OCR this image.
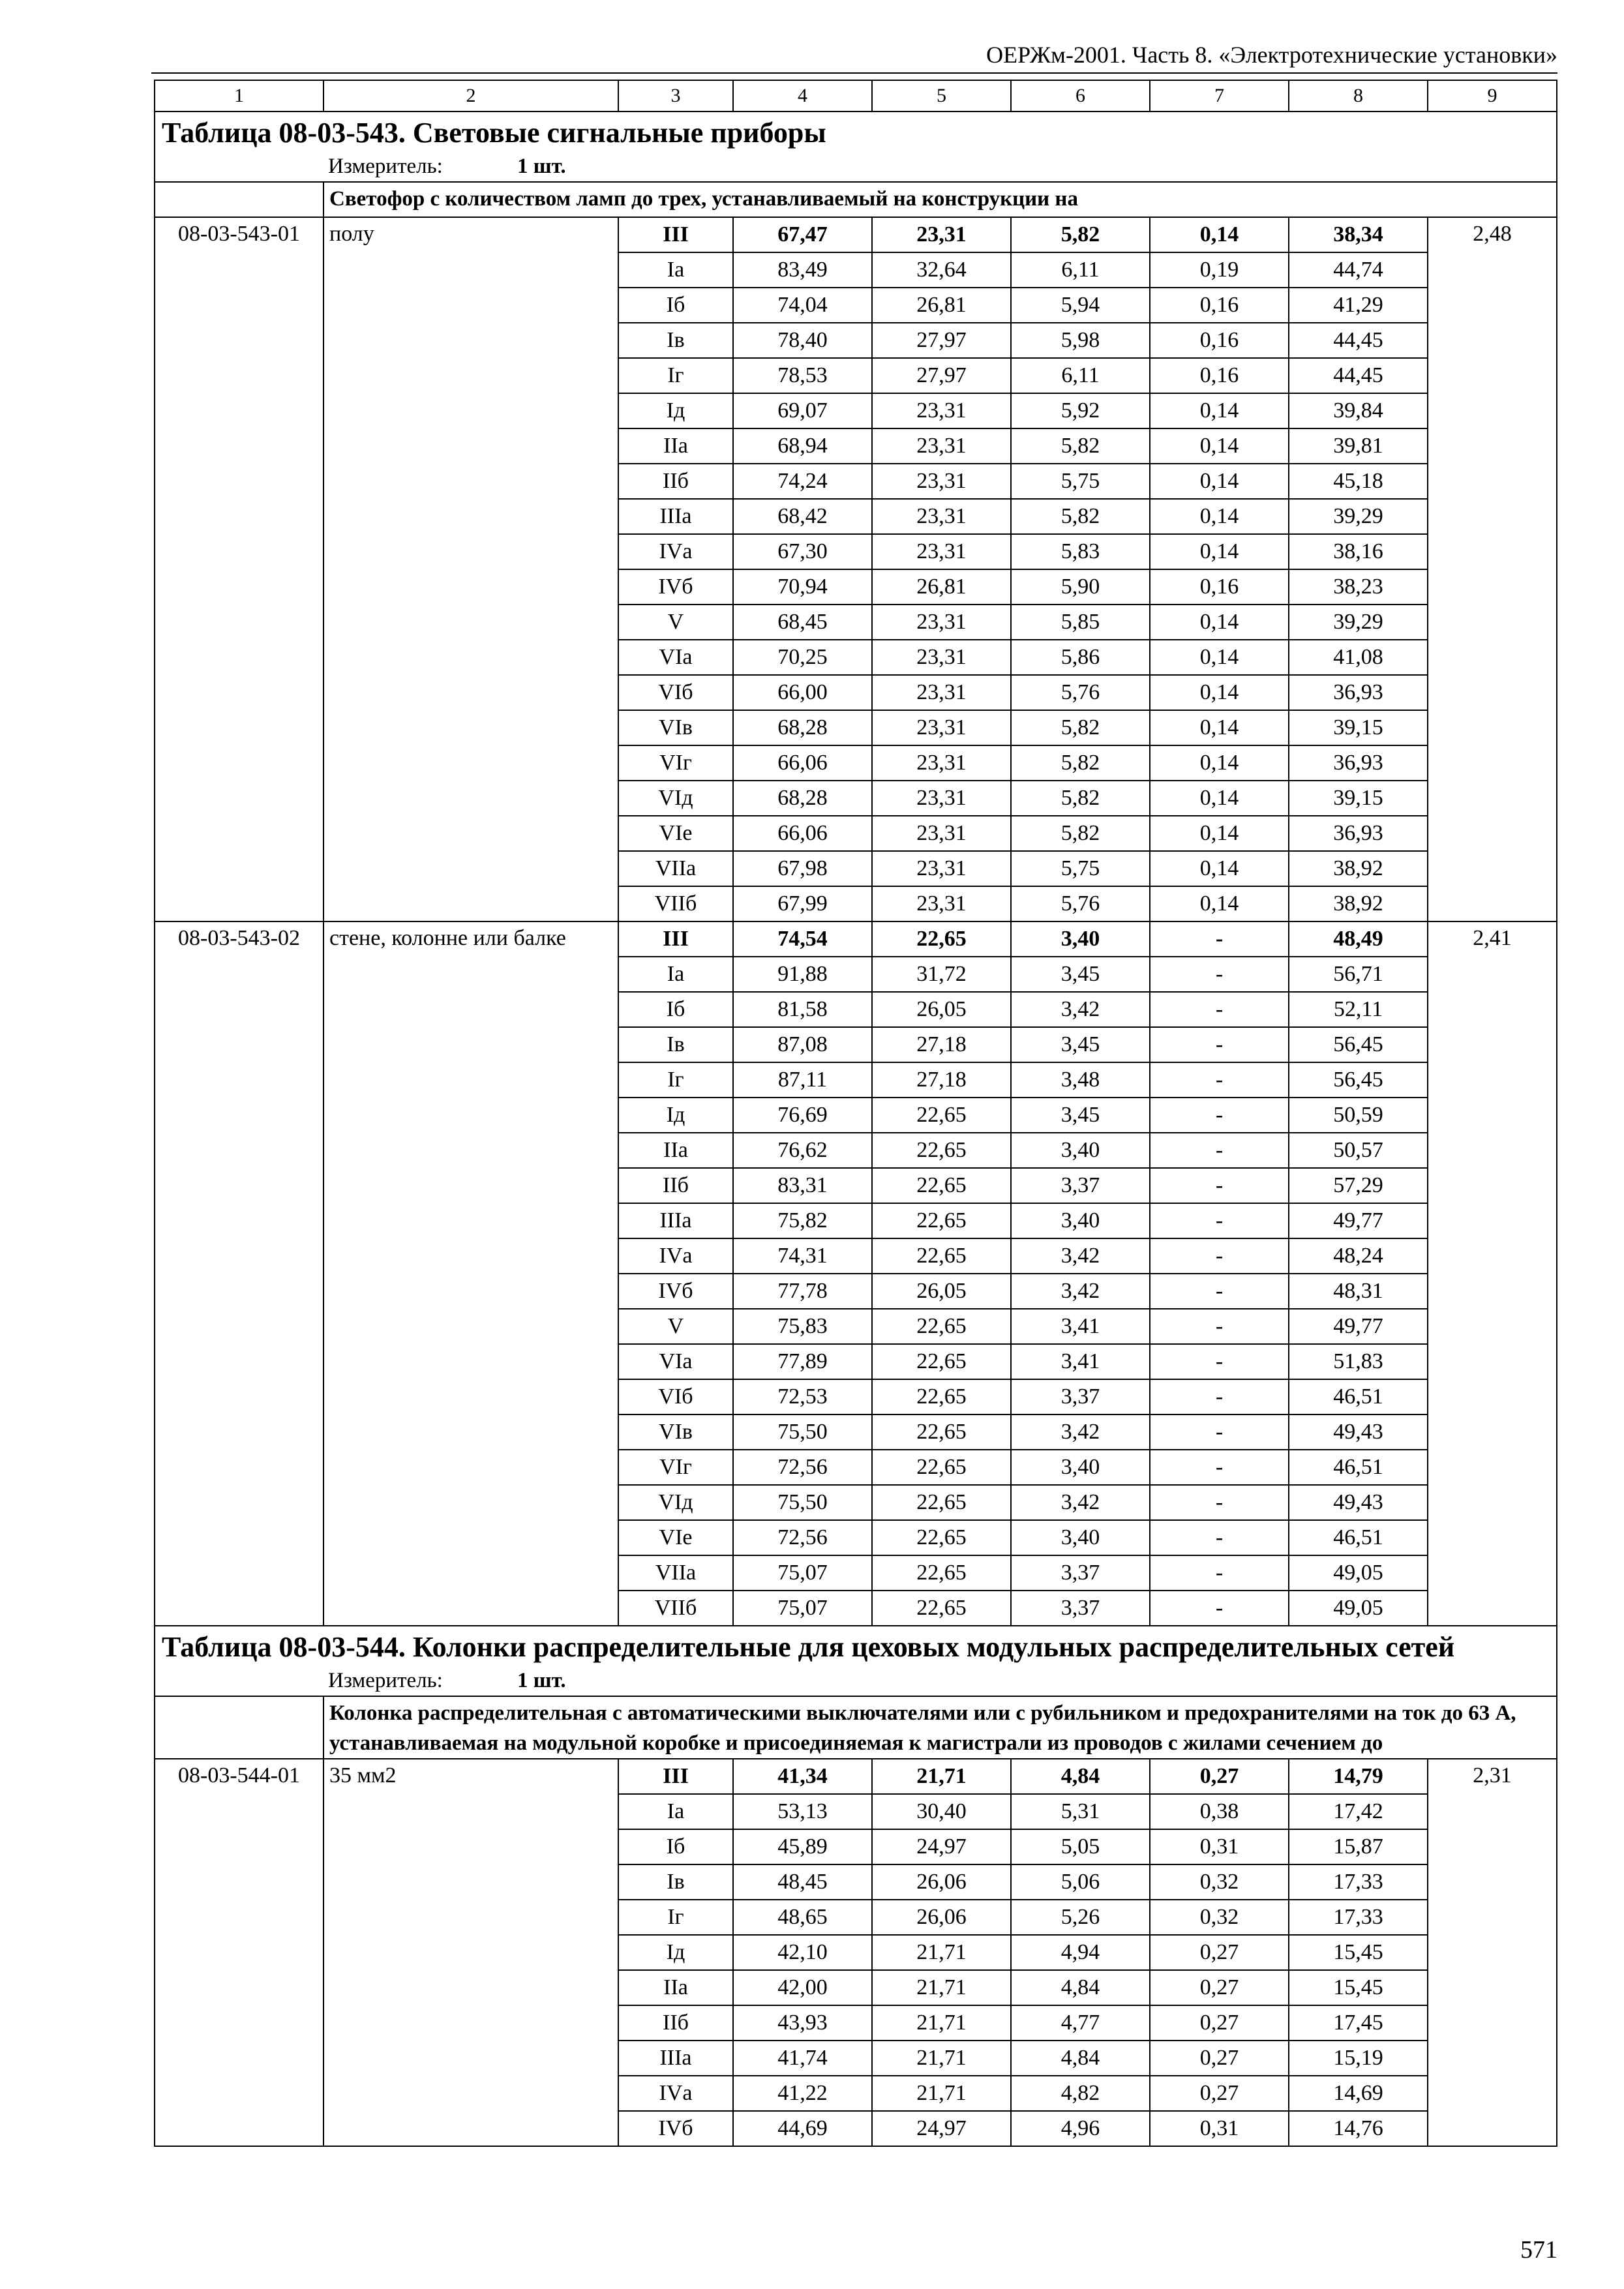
ОЕРЖм-2001. Часть 8. «Электротехнические установки»
1	2	3	4	5	6	7	8	9

Таблица 08-03-543. Световые сигнальные приборы
Измеритель: 1 шт.								

	Светофор с количеством ламп до трех, устанавливаемый на конструкции на							
08-03-543-01	полу	III	67,47	23,31	5,82	0,14	38,34	2,48
		Iа	83,49	32,64	6,11	0,19	44,74	
		Iб	74,04	26,81	5,94	0,16	41,29	
		Iв	78,40	27,97	5,98	0,16	44,45	
		Iг	78,53	27,97	6,11	0,16	44,45	
		Iд	69,07	23,31	5,92	0,14	39,84	
		IIа	68,94	23,31	5,82	0,14	39,81	
		IIб	74,24	23,31	5,75	0,14	45,18	
		IIIа	68,42	23,31	5,82	0,14	39,29	
		IVа	67,30	23,31	5,83	0,14	38,16	
		IVб	70,94	26,81	5,90	0,16	38,23	
		V	68,45	23,31	5,85	0,14	39,29	
		VIа	70,25	23,31	5,86	0,14	41,08	
		VIб	66,00	23,31	5,76	0,14	36,93	
		VIв	68,28	23,31	5,82	0,14	39,15	
		VIг	66,06	23,31	5,82	0,14	36,93	
		VIд	68,28	23,31	5,82	0,14	39,15	
		VIе	66,06	23,31	5,82	0,14	36,93	
		VIIа	67,98	23,31	5,75	0,14	38,92	
		VIIб	67,99	23,31	5,76	0,14	38,92	
08-03-543-02	стене, колонне или балке	III	74,54	22,65	3,40	-	48,49	2,41
		Iа	91,88	31,72	3,45	-	56,71	
		Iб	81,58	26,05	3,42	-	52,11	
		Iв	87,08	27,18	3,45	-	56,45	
		Iг	87,11	27,18	3,48	-	56,45	
		Iд	76,69	22,65	3,45	-	50,59	
		IIа	76,62	22,65	3,40	-	50,57	
		IIб	83,31	22,65	3,37	-	57,29	
		IIIа	75,82	22,65	3,40	-	49,77	
		IVа	74,31	22,65	3,42	-	48,24	
		IVб	77,78	26,05	3,42	-	48,31	
		V	75,83	22,65	3,41	-	49,77	
		VIа	77,89	22,65	3,41	-	51,83	
		VIб	72,53	22,65	3,37	-	46,51	
		VIв	75,50	22,65	3,42	-	49,43	
		VIг	72,56	22,65	3,40	-	46,51	
		VIд	75,50	22,65	3,42	-	49,43	
		VIе	72,56	22,65	3,40	-	46,51	
		VIIа	75,07	22,65	3,37	-	49,05	
		VIIб	75,07	22,65	3,37	-	49,05	

Таблица 08-03-544. Колонки распределительные для цеховых модульных распределительных сетей
Измеритель: 1 шт.								

	Колонка распределительная с автоматическими выключателями или с рубильником и предохранителями на ток до 63 А, устанавливаемая на модульной коробке и присоединяемая к магистрали из проводов с жилами сечением до							
08-03-544-01	35 мм2	III	41,34	21,71	4,84	0,27	14,79	2,31
		Iа	53,13	30,40	5,31	0,38	17,42	
		Iб	45,89	24,97	5,05	0,31	15,87	
		Iв	48,45	26,06	5,06	0,32	17,33	
		Iг	48,65	26,06	5,26	0,32	17,33	
		Iд	42,10	21,71	4,94	0,27	15,45	
		IIа	42,00	21,71	4,84	0,27	15,45	
		IIб	43,93	21,71	4,77	0,27	17,45	
		IIIа	41,74	21,71	4,84	0,27	15,19	
		IVа	41,22	21,71	4,82	0,27	14,69	
		IVб	44,69	24,97	4,96	0,31	14,76	
571
